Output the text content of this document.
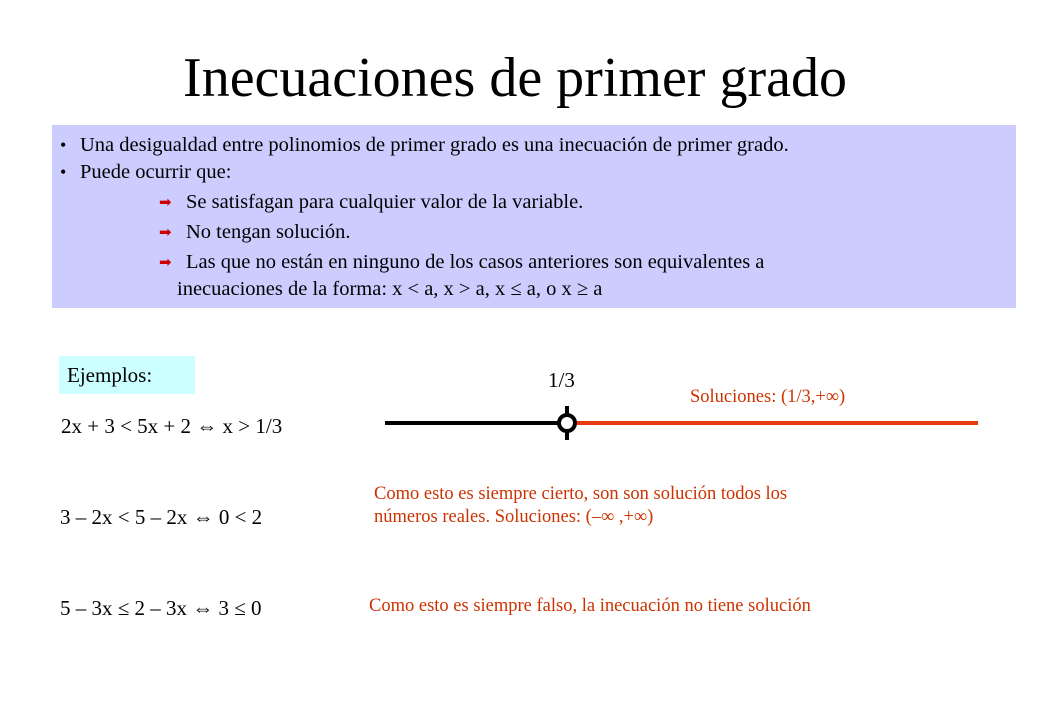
Inecuaciones de primer grado
• Una desigualdad entre polinomios de primer grado es una inecuación de primer grado.
• Puede ocurrir que:
➡ Se satisfagan para cualquier valor de la variable.
➡ No tengan solución.
➡ Las que no están en ninguno de los casos anteriores son equivalentes a
inecuaciones de la forma: x < a, x > a, x ≤ a, o x ≥ a
Ejemplos:
2x + 3 < 5x + 2 ⇔ x > 1/3
1/3
Soluciones: (1/3,+∞)
3 – 2x < 5 – 2x ⇔ 0 < 2
Como esto es siempre cierto, son son solución todos los
números reales. Soluciones: (–∞ ,+∞)
5 – 3x ≤ 2 – 3x ⇔ 3 ≤ 0	Como esto es siempre falso, la inecuación no tiene solución
